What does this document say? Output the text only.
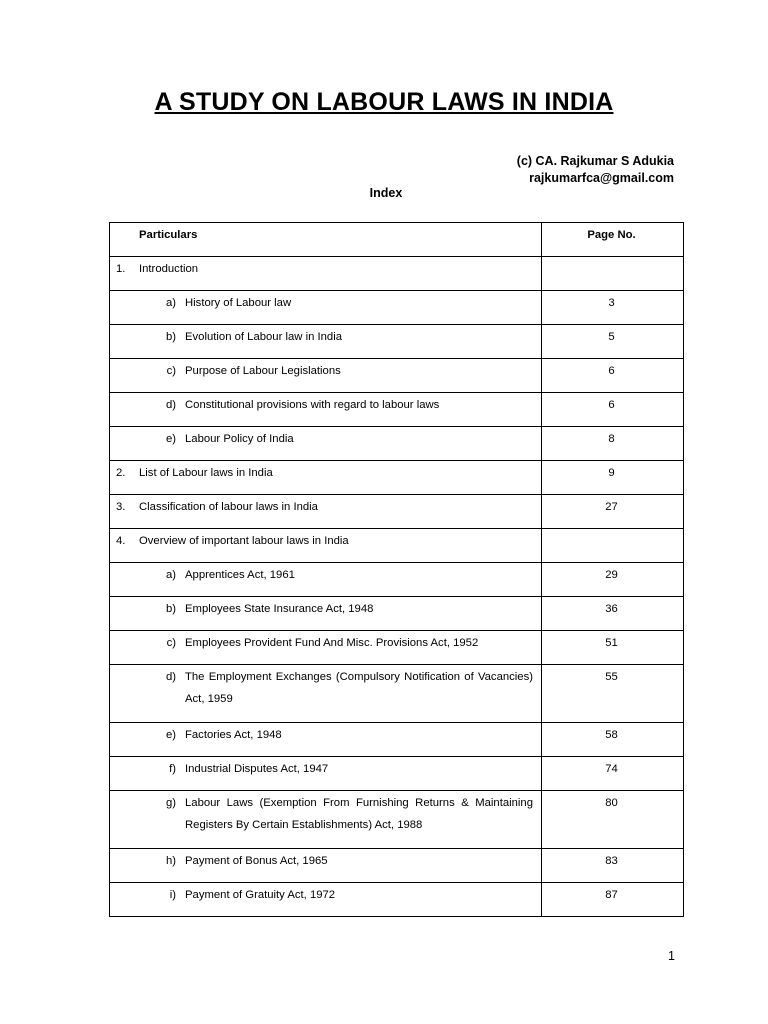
A STUDY ON LABOUR LAWS IN INDIA
(c) CA. Rajkumar S Adukia
rajkumarfca@gmail.com
Index
Particulars	Page No.

1. Introduction	

a) History of Labour law	3

b) Evolution of Labour law in India	5

c) Purpose of Labour Legislations	6

d) Constitutional provisions with regard to labour laws	6

e) Labour Policy of India	8

2. List of Labour laws in India	9

3. Classification of labour laws in India	27

4. Overview of important labour laws in India	

a) Apprentices Act, 1961	29

b) Employees State Insurance Act, 1948	36

c) Employees Provident Fund And Misc. Provisions Act, 1952	51

d) The Employment Exchanges (Compulsory Notification of Vacancies) Act, 1959	55

e) Factories Act, 1948	58

f) Industrial Disputes Act, 1947	74

g) Labour Laws (Exemption From Furnishing Returns & Maintaining Registers By Certain Establishments) Act, 1988	80

h) Payment of Bonus Act, 1965	83

i) Payment of Gratuity Act, 1972	87
1
